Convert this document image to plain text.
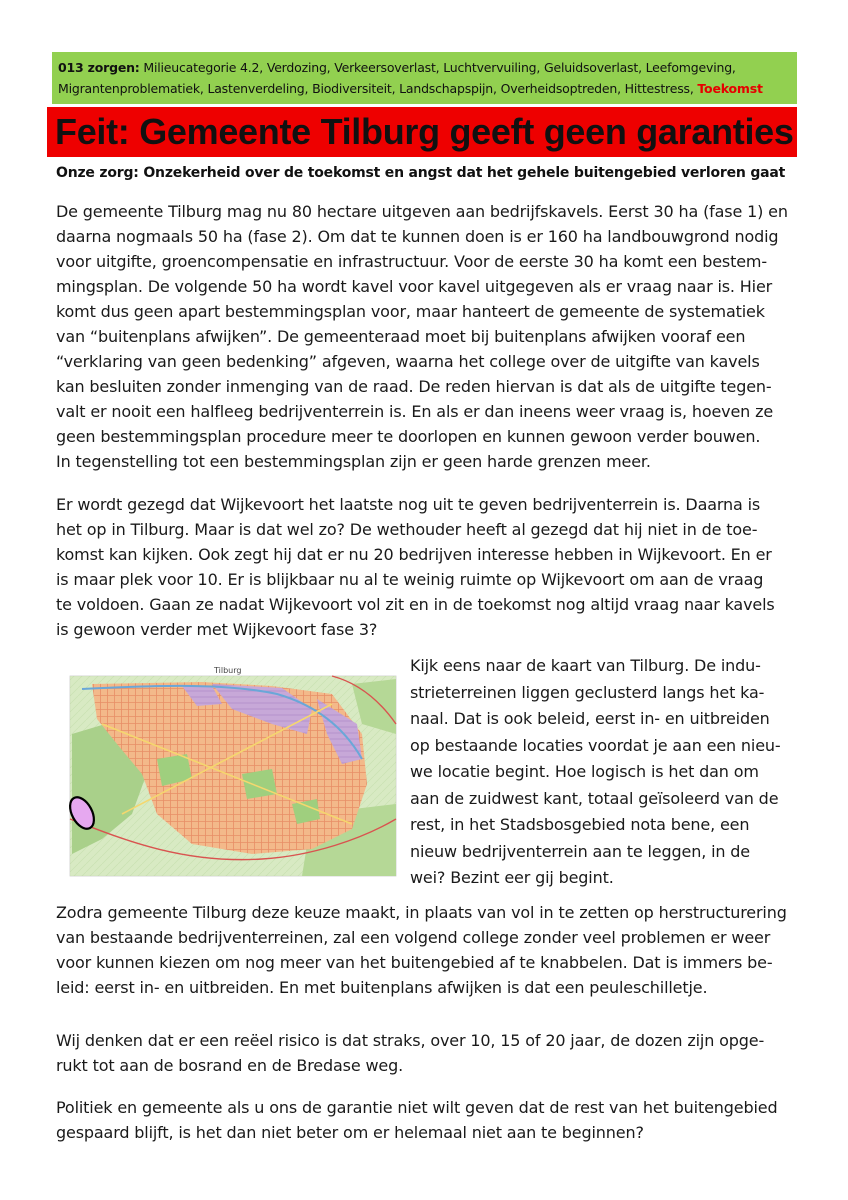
013 zorgen: Milieucategorie 4.2, Verdozing, Verkeersoverlast, Luchtvervuiling, Geluidsoverlast, Leefomgeving,
Migrantenproblematiek, Lastenverdeling, Biodiversiteit, Landschapspijn, Overheidsoptreden, Hittestress, Toekomst
Feit: Gemeente Tilburg geeft geen garanties
Onze zorg: Onzekerheid over de toekomst en angst dat het gehele buitengebied verloren gaat

De gemeente Tilburg mag nu 80 hectare uitgeven aan bedrijfskavels. Eerst 30 ha (fase 1) en
daarna nogmaals 50 ha (fase 2). Om dat te kunnen doen is er 160 ha landbouwgrond nodig
voor uitgifte, groencompensatie en infrastructuur. Voor de eerste 30 ha komt een bestem-
mingsplan. De volgende 50 ha wordt kavel voor kavel uitgegeven als er vraag naar is. Hier
komt dus geen apart bestemmingsplan voor, maar hanteert de gemeente de systematiek
van “buitenplans afwijken”. De gemeenteraad moet bij buitenplans afwijken vooraf een
“verklaring van geen bedenking” afgeven, waarna het college over de uitgifte van kavels
kan besluiten zonder inmenging van de raad. De reden hiervan is dat als de uitgifte tegen-
valt er nooit een halfleeg bedrijventerrein is. En als er dan ineens weer vraag is, hoeven ze
geen bestemmingsplan procedure meer te doorlopen en kunnen gewoon verder bouwen.
In tegenstelling tot een bestemmingsplan zijn er geen harde grenzen meer.

Er wordt gezegd dat Wijkevoort het laatste nog uit te geven bedrijventerrein is. Daarna is
het op in Tilburg. Maar is dat wel zo? De wethouder heeft al gezegd dat hij niet in de toe-
komst kan kijken. Ook zegt hij dat er nu 20 bedrijven interesse hebben in Wijkevoort. En er
is maar plek voor 10. Er is blijkbaar nu al te weinig ruimte op Wijkevoort om aan de vraag
te voldoen. Gaan ze nadat Wijkevoort vol zit en in de toekomst nog altijd vraag naar kavels
is gewoon verder met Wijkevoort fase 3?

Tilburg	Kijk eens naar de kaart van Tilburg. De indu-
strieterreinen liggen geclusterd langs het ka-
naal. Dat is ook beleid, eerst in- en uitbreiden
op bestaande locaties voordat je aan een nieu-
we locatie begint. Hoe logisch is het dan om
aan de zuidwest kant, totaal geïsoleerd van de
rest, in het Stadsbosgebied nota bene, een
nieuw bedrijventerrein aan te leggen, in de
wei? Bezint eer gij begint.

Zodra gemeente Tilburg deze keuze maakt, in plaats van vol in te zetten op herstructurering
van bestaande bedrijventerreinen, zal een volgend college zonder veel problemen er weer
voor kunnen kiezen om nog meer van het buitengebied af te knabbelen. Dat is immers be-
leid: eerst in- en uitbreiden. En met buitenplans afwijken is dat een peuleschilletje.

Wij denken dat er een reëel risico is dat straks, over 10, 15 of 20 jaar, de dozen zijn opge-
rukt tot aan de bosrand en de Bredase weg.

Politiek en gemeente als u ons de garantie niet wilt geven dat de rest van het buitengebied
gespaard blijft, is het dan niet beter om er helemaal niet aan te beginnen?
